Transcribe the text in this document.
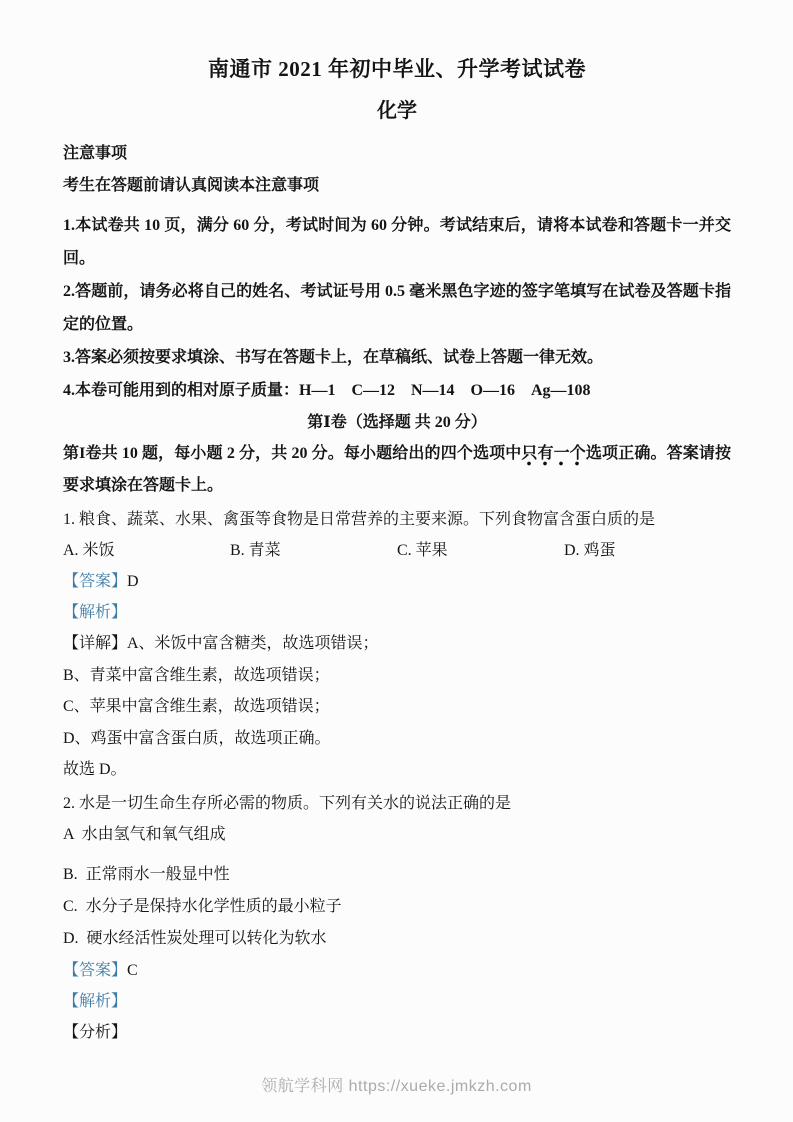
南通市 2021 年初中毕业、升学考试试卷
化学

注意事项

考生在答题前请认真阅读本注意事项

1.本试卷共 10 页，满分 60 分，考试时间为 60 分钟。考试结束后，请将本试卷和答题卡一并交回。

2.答题前，请务必将自己的姓名、考试证号用 0.5 毫米黑色字迹的签字笔填写在试卷及答题卡指定的位置。

3.答案必须按要求填涂、书写在答题卡上，在草稿纸、试卷上答题一律无效。

4.本卷可能用到的相对原子质量：H—1　C—12　N—14　O—16　Ag—108

第Ⅰ卷（选择题 共 20 分）

第I卷共 10 题，每小题 2 分，共 20 分。每小题给出的四个选项中只有一个选项正确。答案请按要求填涂在答题卡上。

1. 粮食、蔬菜、水果、禽蛋等食物是日常营养的主要来源。下列食物富含蛋白质的是

A. 米饭	B. 青菜	C. 苹果	D. 鸡蛋

【答案】D

【解析】

【详解】A、米饭中富含糖类，故选项错误；

B、青菜中富含维生素，故选项错误；

C、苹果中富含维生素，故选项错误；

D、鸡蛋中富含蛋白质，故选项正确。

故选 D。

2. 水是一切生命生存所必需的物质。下列有关水的说法正确的是

A  水由氢气和氧气组成

B.  正常雨水一般显中性

C.  水分子是保持水化学性质的最小粒子

D.  硬水经活性炭处理可以转化为软水

【答案】C

【解析】

【分析】

领航学科网 https://xueke.jmkzh.com
